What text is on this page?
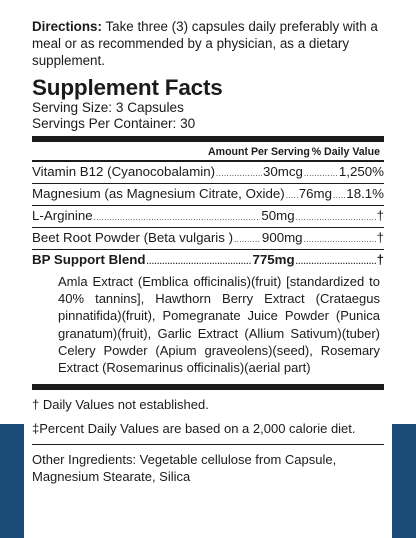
Directions: Take three (3) capsules daily preferably with a meal or as recommended by a physician, as a dietary supplement.
Supplement Facts
Serving Size: 3 Capsules
Servings Per Container: 30
Amount Per Serving % Daily Value
Vitamin B12 (Cyanocobalamin) .....	30mcg .....	1,250%
Magnesium (as Magnesium Citrate, Oxide) ..... 76mg ..... 18.1%
L-Arginine .....	50mg .....	†
Beet Root Powder (Beta vulgaris ) ..... 900mg .....	†
BP Support Blend .....	775mg .....	†
Amla Extract (Emblica officinalis)(fruit) [standardized to 40% tannins], Hawthorn Berry Extract (Crataegus pinnatifida)(fruit), Pomegranate Juice Powder (Punica granatum)(fruit), Garlic Extract (Allium Sativum)(tuber) Celery Powder (Apium graveolens)(seed), Rosemary Extract (Rosemarinus officinalis)(aerial part)

† Daily Values not established.

‡Percent Daily Values are based on a 2,000 calorie diet.

Other Ingredients: Vegetable cellulose from Capsule, Magnesium Stearate, Silica
